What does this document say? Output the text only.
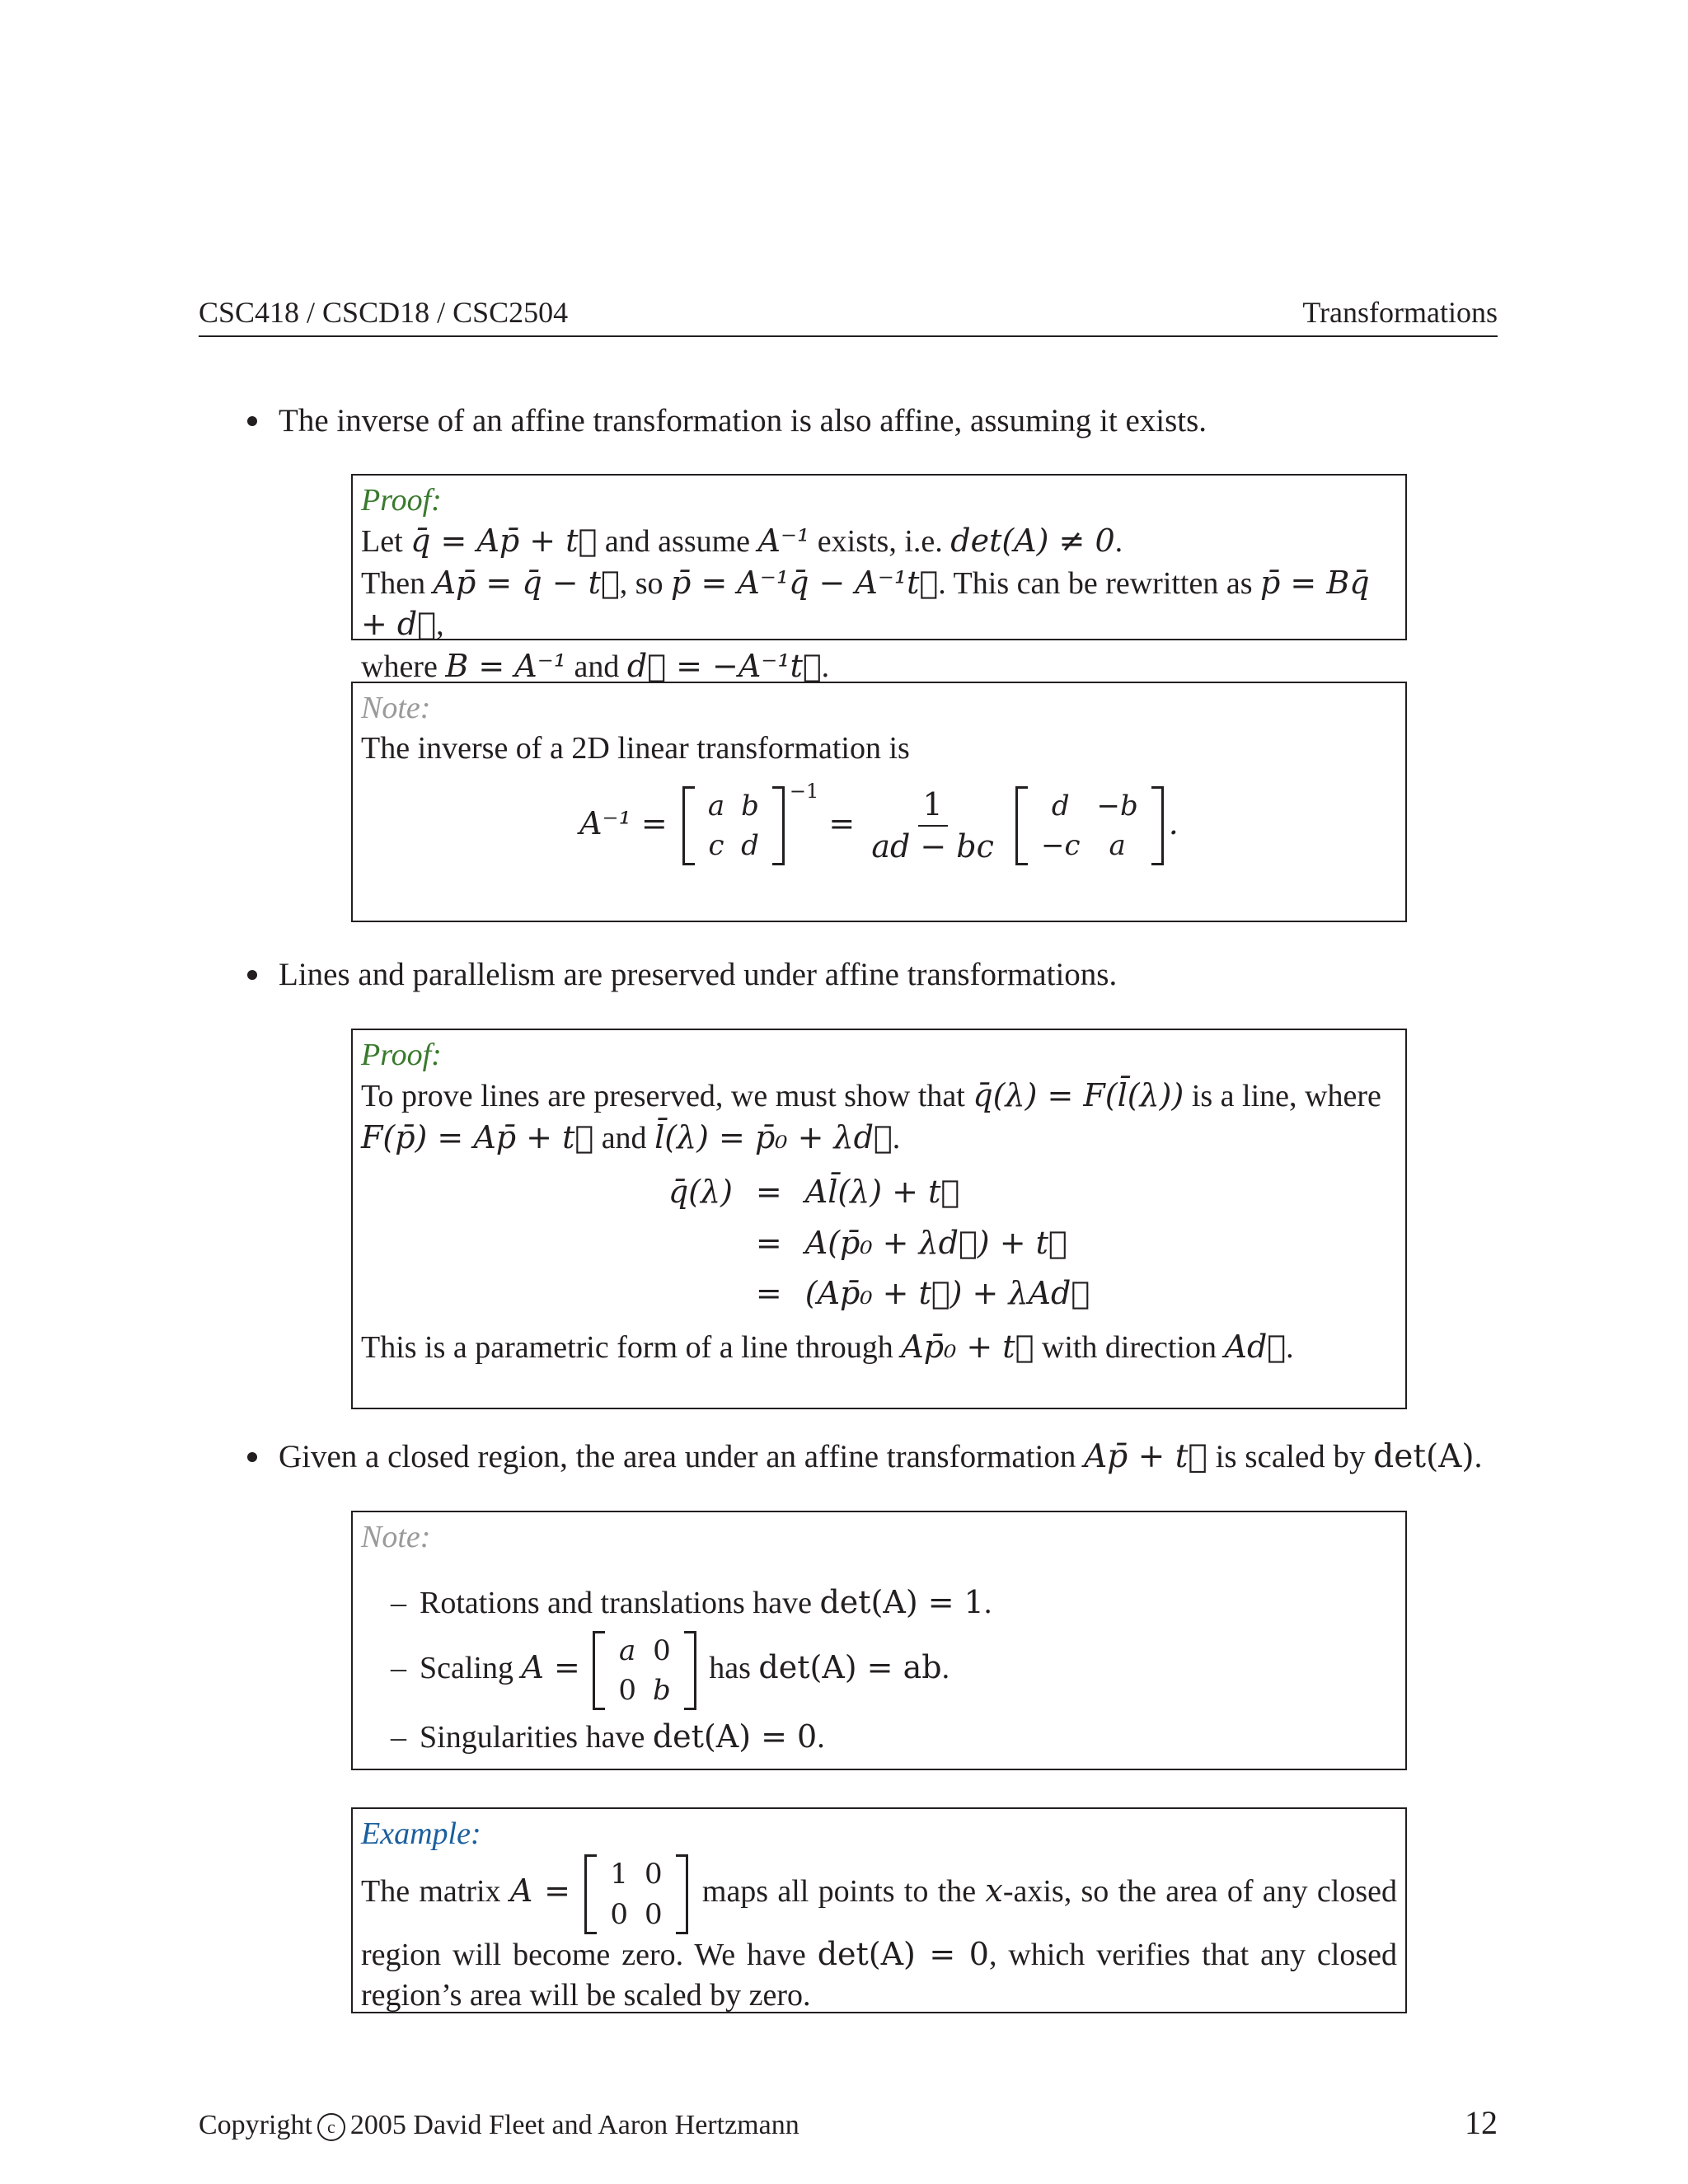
CSC418 / CSCD18 / CSC2504	Transformations
The inverse of an affine transformation is also affine, assuming it exists.
Proof:
Let q̄ = Ap̄ + t⃗ and assume A⁻¹ exists, i.e. det(A) ≠ 0.
Then Ap̄ = q̄ − t⃗, so p̄ = A⁻¹q̄ − A⁻¹t⃗. This can be rewritten as p̄ = Bq̄ + d⃗,
where B = A⁻¹ and d⃗ = −A⁻¹t⃗.
Note:
The inverse of a 2D linear transformation is
A⁻¹ = a	b
c	d
$^{-1} = \frac{1}{ad - bc}$
d	−b
−c	a
.
Lines and parallelism are preserved under affine transformations.
Proof:
To prove lines are preserved, we must show that q̄(λ) = F(l̄(λ)) is a line, where
F(p̄) = Ap̄ + t⃗ and l̄(λ) = p̄₀ + λd⃗.
q̄(λ)	=	Al̄(λ) + t⃗
	=	A(p̄₀ + λd⃗) + t⃗
	=	(Ap̄₀ + t⃗) + λAd⃗
This is a parametric form of a line through Ap̄₀ + t⃗ with direction Ad⃗.
Given a closed region, the area under an affine transformation Ap̄ + t⃗ is scaled by det(A).
Note:
– Rotations and translations have det(A) = 1.
– Scaling A = a	0
0	b
has det(A) = ab.
– Singularities have det(A) = 0.
Example:
The matrix A = 1	0
0	0
maps all points to the x-axis, so the area of any closed region will become zero. We have det(A) = 0, which verifies that any closed region’s area will be scaled by zero.
Copyright c 2005 David Fleet and Aaron Hertzmann	12
